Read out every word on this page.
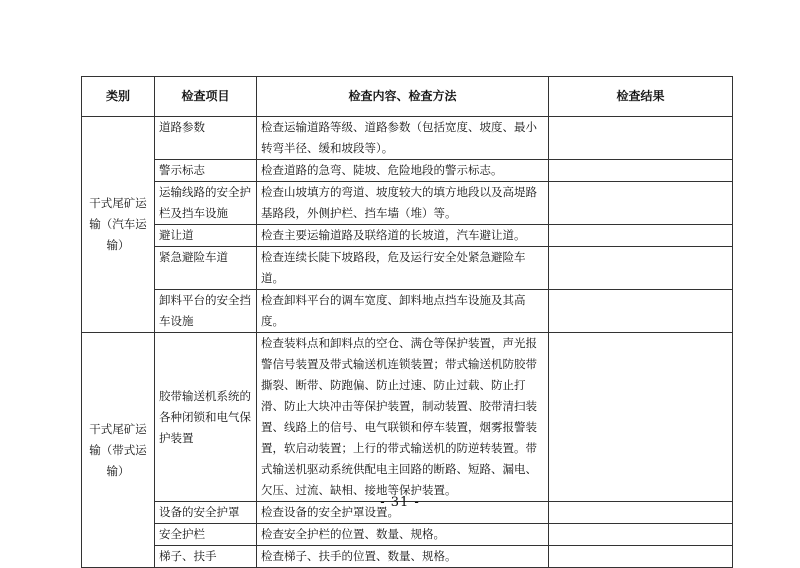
类别	检查项目	检查内容、检查方法	检查结果
干式尾矿运输（汽车运输）	道路参数	检查运输道路等级、道路参数（包括宽度、坡度、最小转弯半径、缓和坡段等）。	
	警示标志	检查道路的急弯、陡坡、危险地段的警示标志。	
	运输线路的安全护栏及挡车设施	检查山坡填方的弯道、坡度较大的填方地段以及高堤路基路段，外侧护栏、挡车墙（堆）等。	
	避让道	检查主要运输道路及联络道的长坡道，汽车避让道。	
	紧急避险车道	检查连续长陡下坡路段，危及运行安全处紧急避险车道。	
	卸料平台的安全挡车设施	检查卸料平台的调车宽度、卸料地点挡车设施及其高度。	
干式尾矿运输（带式运输）	胶带输送机系统的各种闭锁和电气保护装置	检查装料点和卸料点的空仓、满仓等保护装置，声光报警信号装置及带式输送机连锁装置；带式输送机防胶带撕裂、断带、防跑偏、防止过速、防止过载、防止打滑、防止大块冲击等保护装置，制动装置、胶带清扫装置、线路上的信号、电气联锁和停车装置，烟雾报警装置，软启动装置；上行的带式输送机的防逆转装置。带式输送机驱动系统供配电主回路的断路、短路、漏电、欠压、过流、缺相、接地等保护装置。	
	设备的安全护罩	检查设备的安全护罩设置。	
	安全护栏	检查安全护栏的位置、数量、规格。	
	梯子、扶手	检查梯子、扶手的位置、数量、规格。	
- 31 -
